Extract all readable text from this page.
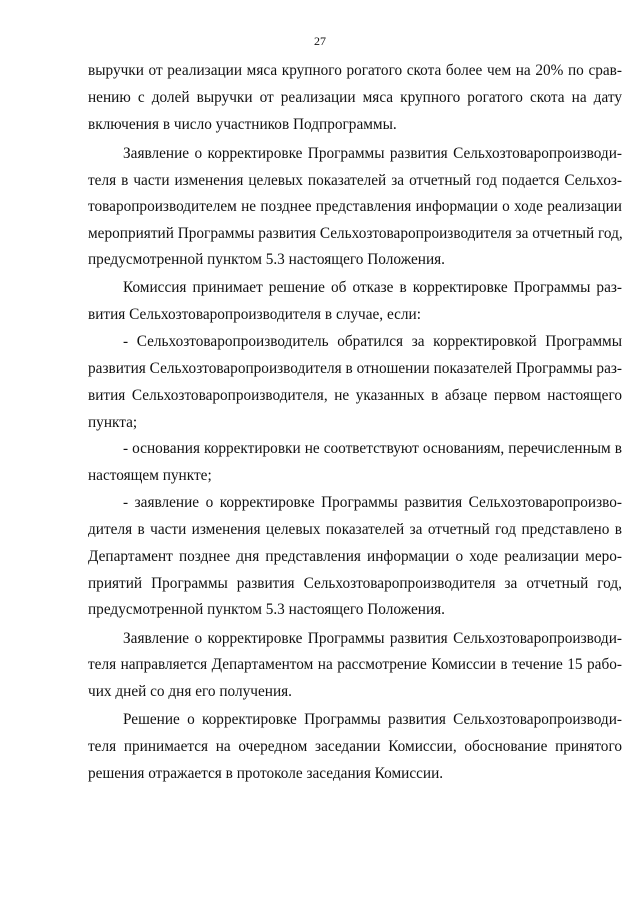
27
выручки от реализации мяса крупного рогатого скота более чем на 20% по срав-
нению с долей выручки от реализации мяса крупного рогатого скота на дату
включения в число участников Подпрограммы.
Заявление о корректировке Программы развития Сельхозтоваропроизводи-
теля в части изменения целевых показателей за отчетный год подается Сельхоз-
товаропроизводителем не позднее представления информации о ходе реализации
мероприятий Программы развития Сельхозтоваропроизводителя за отчетный год,
предусмотренной пунктом 5.3 настоящего Положения.
Комиссия принимает решение об отказе в корректировке Программы раз-
вития Сельхозтоваропроизводителя в случае, если:
- Сельхозтоваропроизводитель обратился за корректировкой Программы
развития Сельхозтоваропроизводителя в отношении показателей Программы раз-
вития Сельхозтоваропроизводителя, не указанных в абзаце первом настоящего
пункта;
- основания корректировки не соответствуют основаниям, перечисленным в
настоящем пункте;
- заявление о корректировке Программы развития Сельхозтоваропроизво-
дителя в части изменения целевых показателей за отчетный год представлено в
Департамент позднее дня представления информации о ходе реализации меро-
приятий Программы развития Сельхозтоваропроизводителя за отчетный год,
предусмотренной пунктом 5.3 настоящего Положения.
Заявление о корректировке Программы развития Сельхозтоваропроизводи-
теля направляется Департаментом на рассмотрение Комиссии в течение 15 рабо-
чих дней со дня его получения.
Решение о корректировке Программы развития Сельхозтоваропроизводи-
теля принимается на очередном заседании Комиссии, обоснование принятого
решения отражается в протоколе заседания Комиссии.
